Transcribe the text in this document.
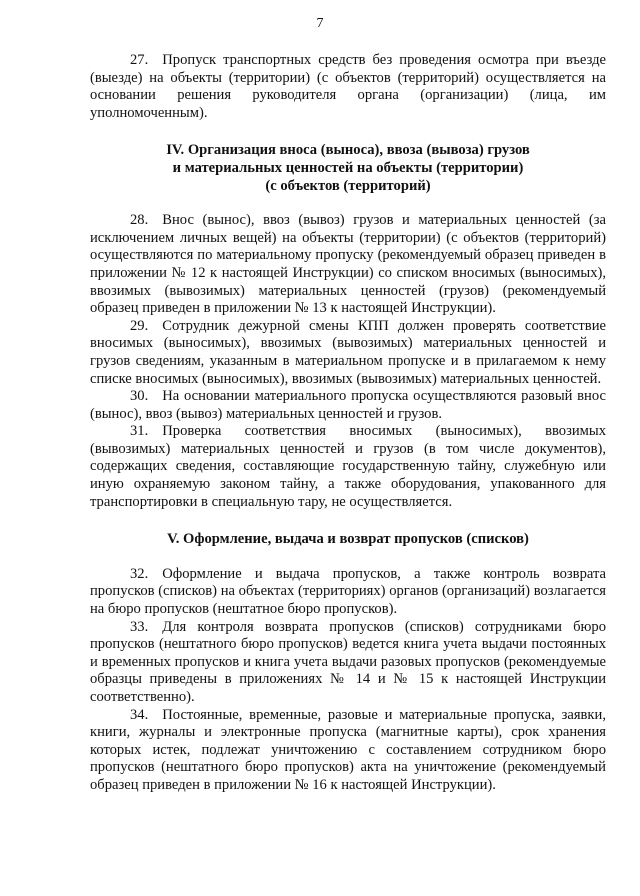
7

27. Пропуск транспортных средств без проведения осмотра при въезде (выезде) на объекты (территории) (с объектов (территорий) осуществляется на основании решения руководителя органа (организации) (лица, им уполномоченным).

IV. Организация вноса (выноса), ввоза (вывоза) грузов
и материальных ценностей на объекты (территории)
(с объектов (территорий)

28. Внос (вынос), ввоз (вывоз) грузов и материальных ценностей (за исключением личных вещей) на объекты (территории) (с объектов (территорий) осуществляются по материальному пропуску (рекомендуемый образец приведен в приложении № 12 к настоящей Инструкции) со списком вносимых (выносимых), ввозимых (вывозимых) материальных ценностей (грузов) (рекомендуемый образец приведен в приложении № 13 к настоящей Инструкции).

29. Сотрудник дежурной смены КПП должен проверять соответствие вносимых (выносимых), ввозимых (вывозимых) материальных ценностей и грузов сведениям, указанным в материальном пропуске и в прилагаемом к нему списке вносимых (выносимых), ввозимых (вывозимых) материальных ценностей.

30. На основании материального пропуска осуществляются разовый внос (вынос), ввоз (вывоз) материальных ценностей и грузов.

31. Проверка соответствия вносимых (выносимых), ввозимых (вывозимых) материальных ценностей и грузов (в том числе документов), содержащих сведения, составляющие государственную тайну, служебную или иную охраняемую законом тайну, а также оборудования, упакованного для транспортировки в специальную тару, не осуществляется.

V. Оформление, выдача и возврат пропусков (списков)

32. Оформление и выдача пропусков, а также контроль возврата пропусков (списков) на объектах (территориях) органов (организаций) возлагается на бюро пропусков (нештатное бюро пропусков).

33. Для контроля возврата пропусков (списков) сотрудниками бюро пропусков (нештатного бюро пропусков) ведется книга учета выдачи постоянных и временных пропусков и книга учета выдачи разовых пропусков (рекомендуемые образцы приведены в приложениях № 14 и № 15 к настоящей Инструкции соответственно).

34. Постоянные, временные, разовые и материальные пропуска, заявки, книги, журналы и электронные пропуска (магнитные карты), срок хранения которых истек, подлежат уничтожению с составлением сотрудником бюро пропусков (нештатного бюро пропусков) акта на уничтожение (рекомендуемый образец приведен в приложении № 16 к настоящей Инструкции).
